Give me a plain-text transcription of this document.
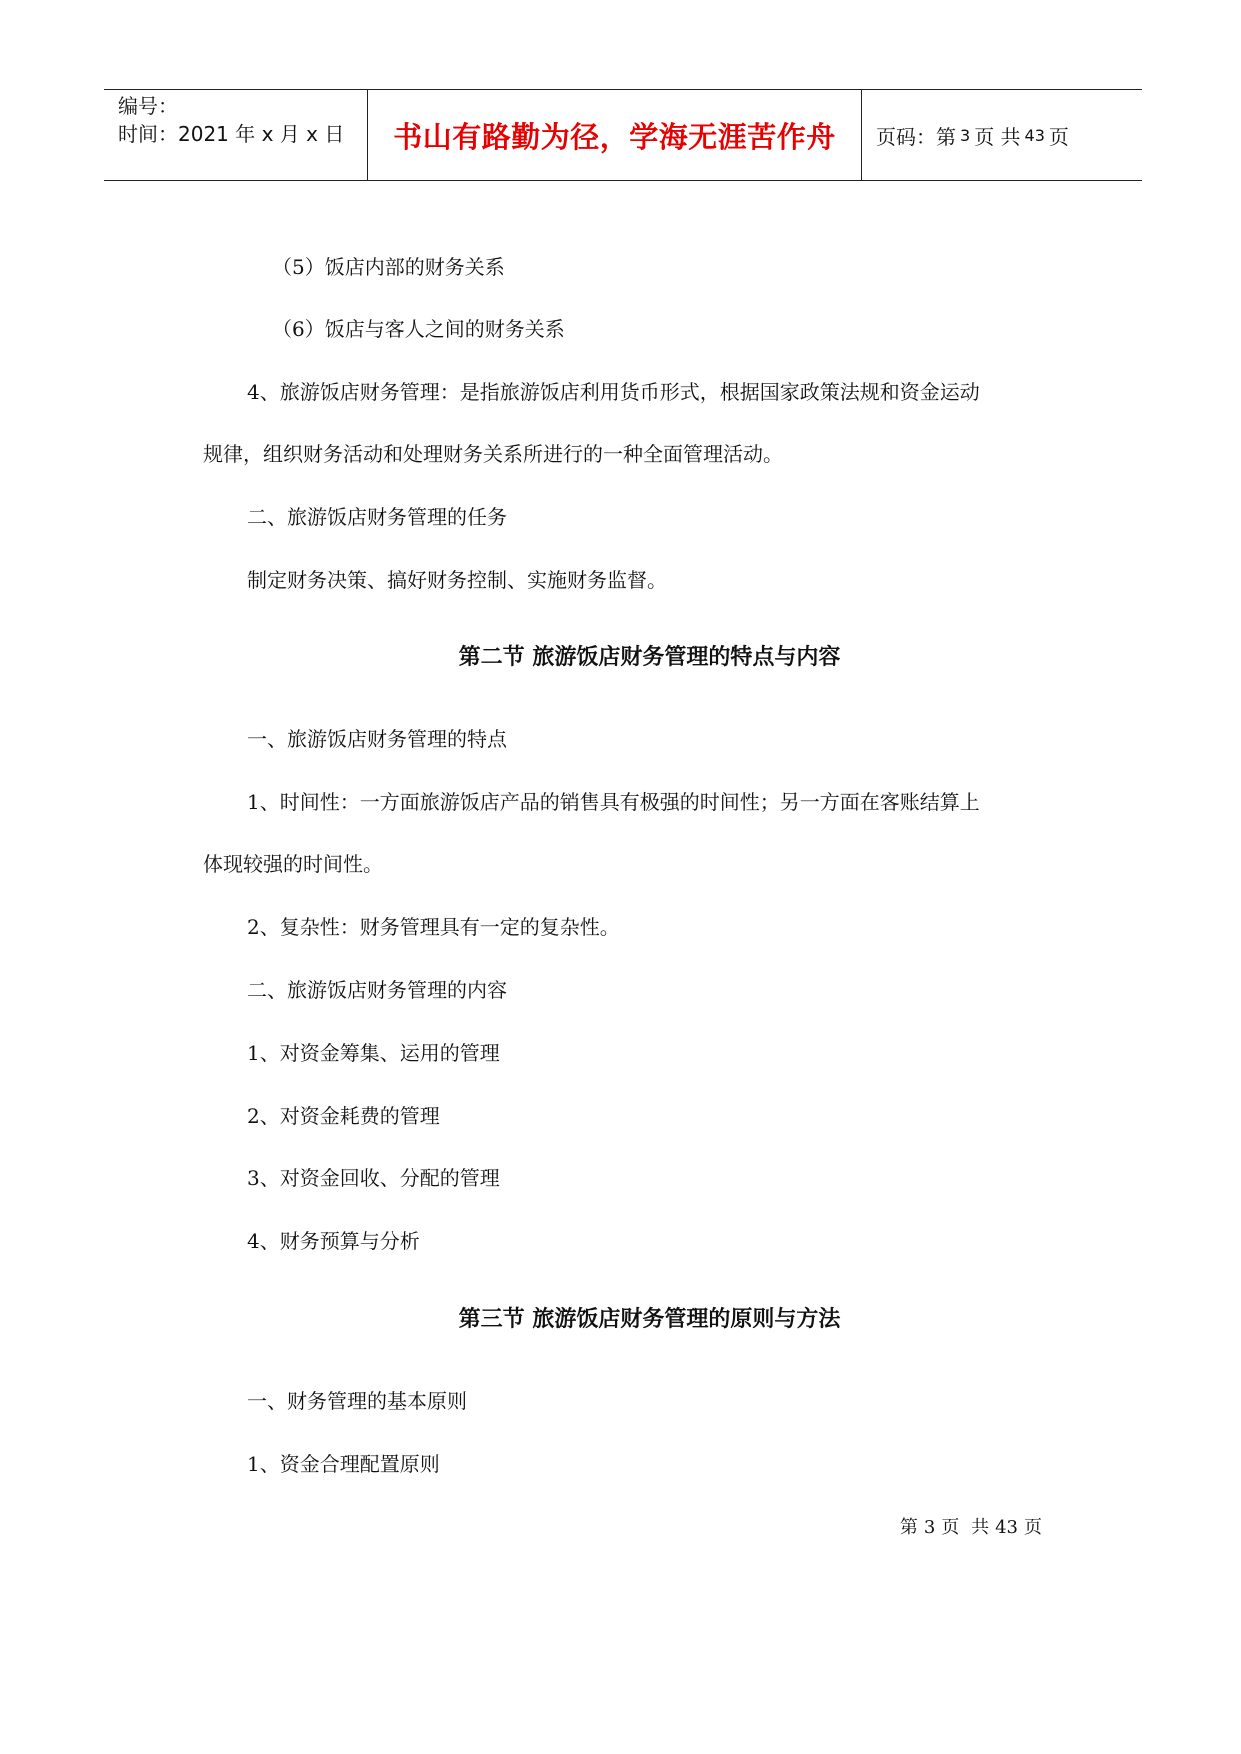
编号：
时间：2021 年 x 月 x 日	书山有路勤为径，学海无涯苦作舟	页码：第 3 页 共 43 页
（5）饭店内部的财务关系
（6）饭店与客人之间的财务关系
4、旅游饭店财务管理：是指旅游饭店利用货币形式，根据国家政策法规和资金运动
规律，组织财务活动和处理财务关系所进行的一种全面管理活动。
二、旅游饭店财务管理的任务
制定财务决策、搞好财务控制、实施财务监督。
第二节 旅游饭店财务管理的特点与内容
一、旅游饭店财务管理的特点
1、时间性：一方面旅游饭店产品的销售具有极强的时间性；另一方面在客账结算上
体现较强的时间性。
2、复杂性：财务管理具有一定的复杂性。
二、旅游饭店财务管理的内容
1、对资金筹集、运用的管理
2、对资金耗费的管理
3、对资金回收、分配的管理
4、财务预算与分析
第三节 旅游饭店财务管理的原则与方法
一、财务管理的基本原则
1、资金合理配置原则
第 3 页 共 43 页
